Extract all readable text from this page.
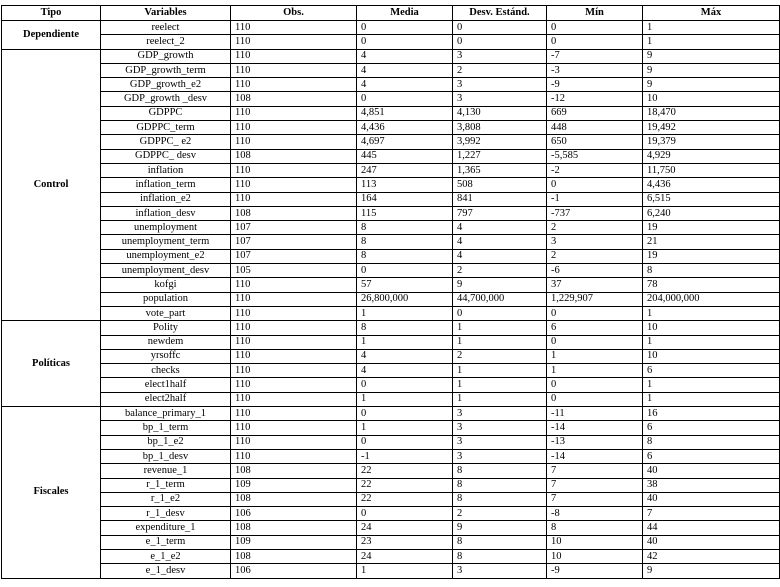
Tipo	Variables	Obs.	Media	Desv. Estánd.	Mín	Máx
Dependiente	reelect	110	0	0	0	1
	reelect_2	110	0	0	0	1
Control	GDP_growth	110	4	3	-7	9
	GDP_growth_term	110	4	2	-3	9
	GDP_growth_e2	110	4	3	-9	9
	GDP_growth _desv	108	0	3	-12	10
	GDPPC	110	4,851	4,130	669	18,470
	GDPPC_term	110	4,436	3,808	448	19,492
	GDPPC_ e2	110	4,697	3,992	650	19,379
	GDPPC_ desv	108	445	1,227	-5,585	4,929
	inflation	110	247	1,365	-2	11,750
	inflation_term	110	113	508	0	4,436
	inflation_e2	110	164	841	-1	6,515
	inflation_desv	108	115	797	-737	6,240
	unemployment	107	8	4	2	19
	unemployment_term	107	8	4	3	21
	unemployment_e2	107	8	4	2	19
	unemployment_desv	105	0	2	-6	8
	kofgi	110	57	9	37	78
	population	110	26,800,000	44,700,000	1,229,907	204,000,000
	vote_part	110	1	0	0	1
Políticas	Polity	110	8	1	6	10
	newdem	110	1	1	0	1
	yrsoffc	110	4	2	1	10
	checks	110	4	1	1	6
	elect1half	110	0	1	0	1
	elect2half	110	1	1	0	1
Fiscales	balance_primary_1	110	0	3	-11	16
	bp_1_term	110	1	3	-14	6
	bp_1_e2	110	0	3	-13	8
	bp_1_desv	110	-1	3	-14	6
	revenue_1	108	22	8	7	40
	r_1_term	109	22	8	7	38
	r_1_e2	108	22	8	7	40
	r_1_desv	106	0	2	-8	7
	expenditure_1	108	24	9	8	44
	e_1_term	109	23	8	10	40
	e_1_e2	108	24	8	10	42
	e_1_desv	106	1	3	-9	9
